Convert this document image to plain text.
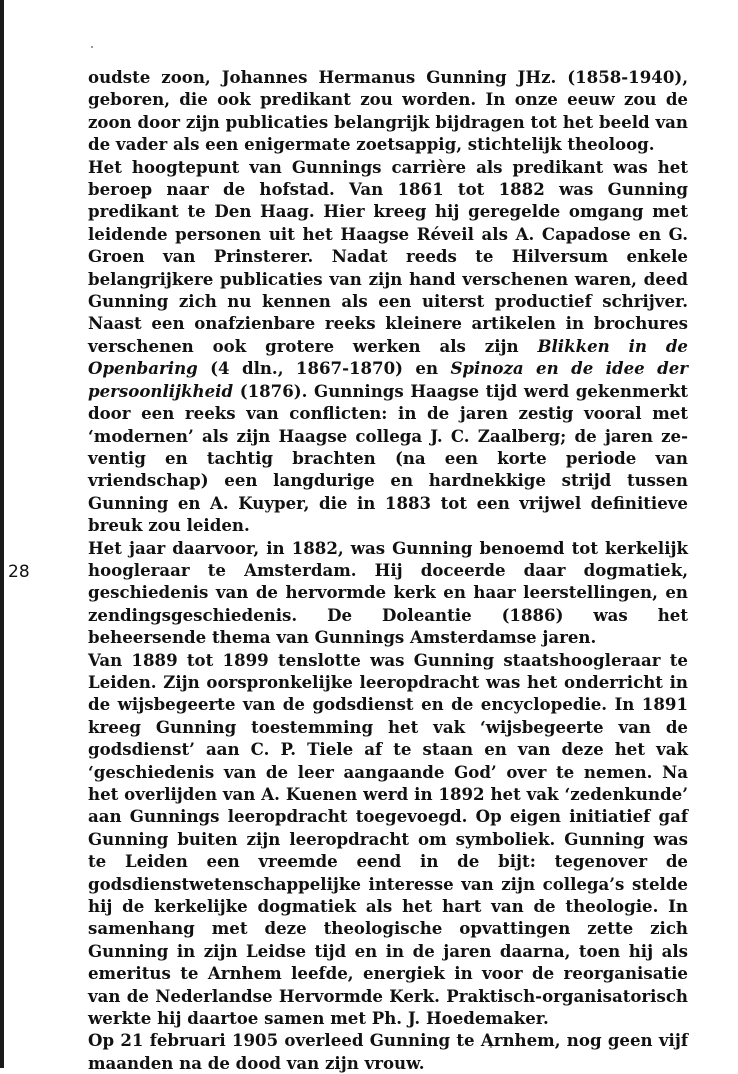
28

oudste zoon, Johannes Hermanus Gunning JHz. (1858-1940), geboren, die ook predikant zou worden. In onze eeuw zou de zoon door zijn publicaties belangrijk bijdragen tot het beeld van de vader als een enigermate zoetsappig, stichtelijk theoloog.

Het hoogtepunt van Gunnings carrière als predikant was het beroep naar de hofstad. Van 1861 tot 1882 was Gunning predikant te Den Haag. Hier kreeg hij geregelde omgang met leidende personen uit het Haagse Réveil als A. Capadose en G. Groen van Prinsterer. Nadat reeds te Hilversum enkele belangrijkere publicaties van zijn hand verschenen waren, deed Gunning zich nu kennen als een uiterst productief schrijver. Naast een onafzienbare reeks kleinere artikelen in brochures verschenen ook grotere werken als zijn Blikken in de Openbaring (4 dln., 1867-1870) en Spinoza en de idee der persoonlijkheid (1876). Gunnings Haagse tijd werd gekenmerkt door een reeks van conflicten: in de jaren zestig vooral met ‘modernen’ als zijn Haagse collega J. C. Zaalberg; de jaren zeventig en tachtig brachten (na een korte periode van vriendschap) een langdurige en hardnekkige strijd tussen Gunning en A. Kuyper, die in 1883 tot een vrijwel definitieve breuk zou leiden.

Het jaar daarvoor, in 1882, was Gunning benoemd tot kerkelijk hoogleraar te Amsterdam. Hij doceerde daar dogmatiek, geschiedenis van de hervormde kerk en haar leerstellingen, en zendingsgeschiedenis. De Doleantie (1886) was het beheersende thema van Gunnings Amsterdamse jaren.

Van 1889 tot 1899 tenslotte was Gunning staatshoogleraar te Leiden. Zijn oorspronkelijke leeropdracht was het onderricht in de wijsbegeerte van de godsdienst en de encyclopedie. In 1891 kreeg Gunning toestemming het vak ‘wijsbegeerte van de godsdienst’ aan C. P. Tiele af te staan en van deze het vak ‘geschiedenis van de leer aangaande God’ over te nemen. Na het overlijden van A. Kuenen werd in 1892 het vak ‘zedenkunde’ aan Gunnings leeropdracht toegevoegd. Op eigen initiatief gaf Gunning buiten zijn leeropdracht om symboliek. Gunning was te Leiden een vreemde eend in de bijt: tegenover de godsdienstwetenschappelijke interesse van zijn collega’s stelde hij de kerkelijke dogmatiek als het hart van de theologie. In samenhang met deze theologische opvattingen zette zich Gunning in zijn Leidse tijd en in de jaren daarna, toen hij als emeritus te Arnhem leefde, energiek in voor de reorganisatie van de Nederlandse Hervormde Kerk. Praktisch-organisatorisch werkte hij daartoe samen met Ph. J. Hoedemaker.

Op 21 februari 1905 overleed Gunning te Arnhem, nog geen vijf maanden na de dood van zijn vrouw.
